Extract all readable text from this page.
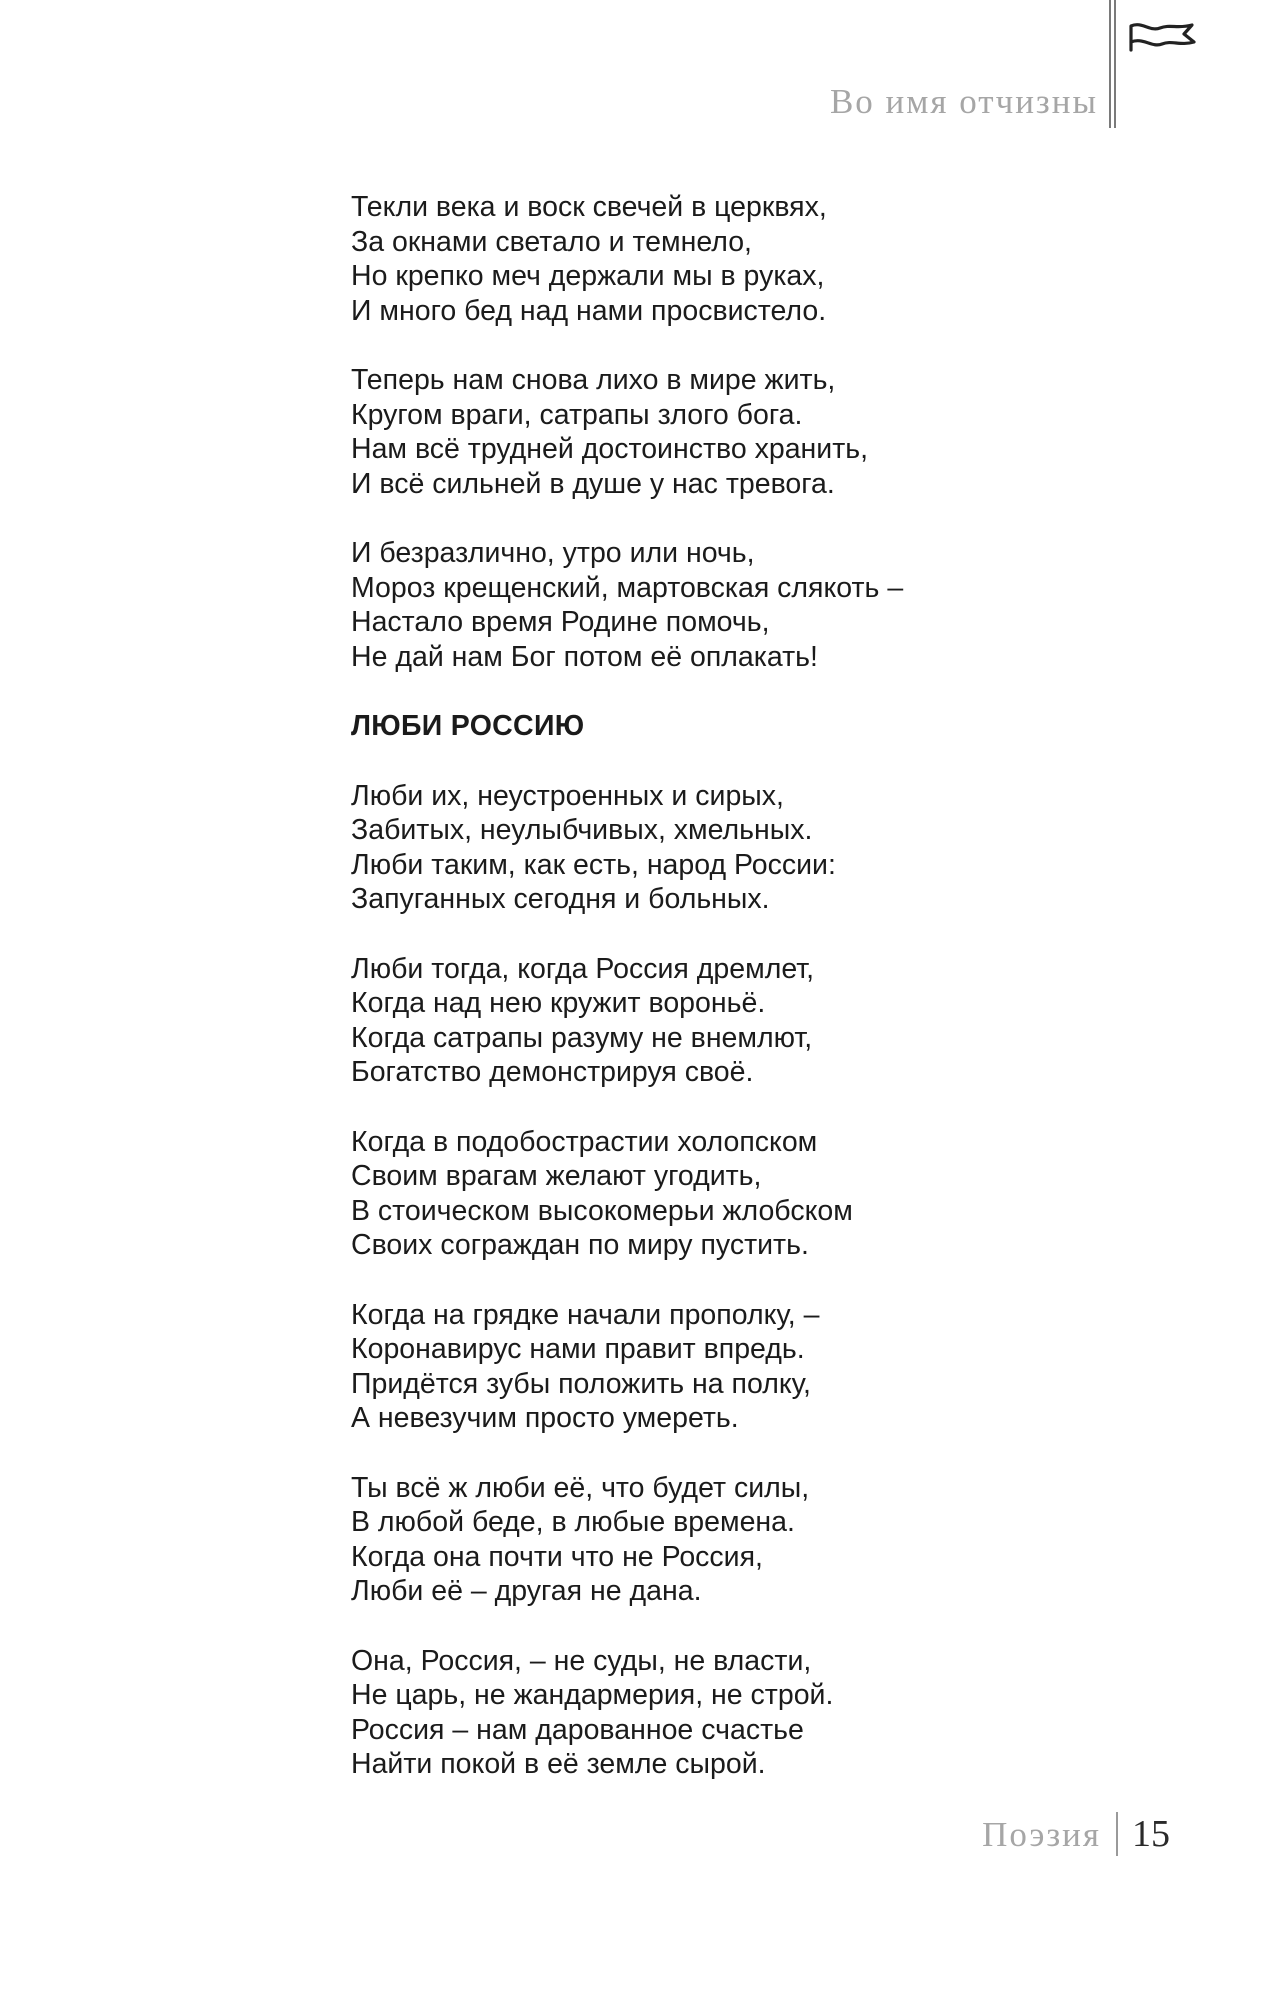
Во имя отчизны
Текли века и воск свечей в церквях,
За окнами светало и темнело,
Но крепко меч держали мы в руках,
И много бед над нами просвистело.
Теперь нам снова лихо в мире жить,
Кругом враги, сатрапы злого бога.
Нам всё трудней достоинство хранить,
И всё сильней в душе у нас тревога.
И безразлично, утро или ночь,
Мороз крещенский, мартовская слякоть –
Настало время Родине помочь,
Не дай нам Бог потом её оплакать!
ЛЮБИ РОССИЮ
Люби их, неустроенных и сирых,
Забитых, неулыбчивых, хмельных.
Люби таким, как есть, народ России:
Запуганных сегодня и больных.
Люби тогда, когда Россия дремлет,
Когда над нею кружит вороньё.
Когда сатрапы разуму не внемлют,
Богатство демонстрируя своё.
Когда в подобострастии холопском
Своим врагам желают угодить,
В стоическом высокомерьи жлобском
Своих сограждан по миру пустить.
Когда на грядке начали прополку, –
Коронавирус нами правит впредь.
Придётся зубы положить на полку,
А невезучим просто умереть.
Ты всё ж люби её, что будет силы,
В любой беде, в любые времена.
Когда она почти что не Россия,
Люби её – другая не дана.
Она, Россия, – не суды, не власти,
Не царь, не жандармерия, не строй.
Россия – нам дарованное счастье
Найти покой в её земле сырой.
Поэзия 15
